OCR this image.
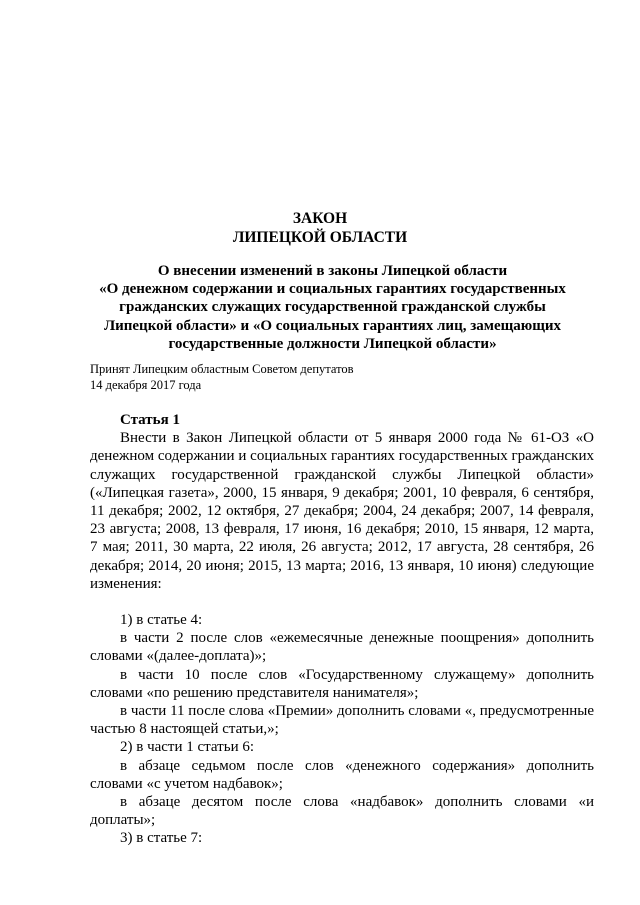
ЗАКОН
ЛИПЕЦКОЙ ОБЛАСТИ
О внесении изменений в законы Липецкой области
«О денежном содержании и социальных гарантиях государственных
гражданских служащих государственной гражданской службы
Липецкой области» и «О социальных гарантиях лиц, замещающих
государственные должности Липецкой области»
Принят Липецким областным Советом депутатов
14 декабря 2017 года
Статья 1

Внести в Закон Липецкой области от 5 января 2000 года № 61-ОЗ «О денежном содержании и социальных гарантиях государственных гражданских служащих государственной гражданской службы Липецкой области» («Липецкая газета», 2000, 15 января, 9 декабря; 2001, 10 февраля, 6 сентября, 11 декабря; 2002, 12 октября, 27 декабря; 2004, 24 декабря; 2007, 14 февраля, 23 августа; 2008, 13 февраля, 17 июня, 16 декабря; 2010, 15 января, 12 марта, 7 мая; 2011, 30 марта, 22 июля, 26 августа; 2012, 17 августа, 28 сентября, 26 декабря; 2014, 20 июня; 2015, 13 марта; 2016, 13 января, 10 июня) следующие изменения:

1) в статье 4:

в части 2 после слов «ежемесячные денежные поощрения» дополнить словами «(далее-доплата)»;

в части 10 после слов «Государственному служащему» дополнить словами «по решению представителя нанимателя»;

в части 11 после слова «Премии» дополнить словами «, предусмотренные частью 8 настоящей статьи,»;

2) в части 1 статьи 6:

в абзаце седьмом после слов «денежного содержания» дополнить словами «с учетом надбавок»;

в абзаце десятом после слова «надбавок» дополнить словами «и доплаты»;

3) в статье 7:
